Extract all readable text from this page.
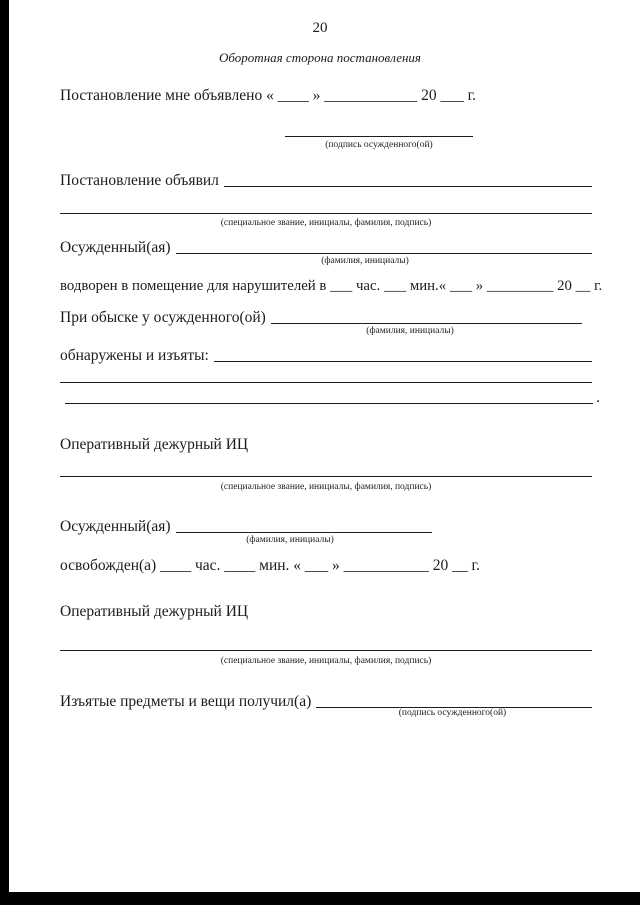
20
Оборотная сторона постановления
Постановление мне объявлено « ____ » ____________ 20 ___ г.
(подпись осужденного(ой)
Постановление объявил
(специальное звание, инициалы, фамилия, подпись)
Осужденный(ая)
(фамилия, инициалы)
водворен в помещение для нарушителей в ___ час. ___ мин.« ___ » _________ 20 __ г.
При обыске у осужденного(ой)
(фамилия, инициалы)
обнаружены и изъяты:
.
Оперативный дежурный ИЦ
(специальное звание, инициалы, фамилия, подпись)
Осужденный(ая)
(фамилия, инициалы)
освобожден(а) ____ час. ____ мин. « ___ » ___________ 20 __ г.
Оперативный дежурный ИЦ
(специальное звание, инициалы, фамилия, подпись)
Изъятые предметы и вещи получил(а)
(подпись осужденного(ой)
